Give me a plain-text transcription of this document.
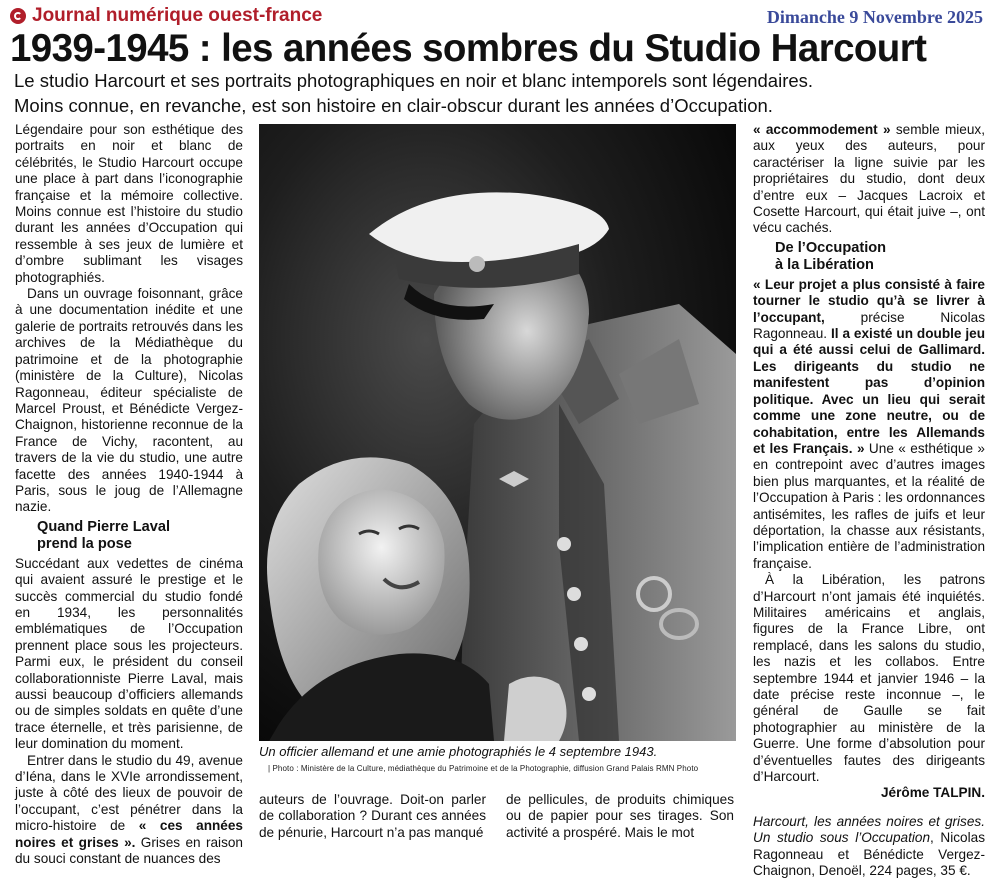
Journal numérique ouest-france	Dimanche 9 Novembre 2025
1939-1945 : les années sombres du Studio Harcourt
Le studio Harcourt et ses portraits photographiques en noir et blanc intemporels sont légendaires.
Moins connue, en revanche, est son histoire en clair-obscur durant les années d’Occupation.

Légendaire pour son esthétique des portraits en noir et blanc de célébrités, le Studio Harcourt occupe une place à part dans l’iconographie française et la mémoire collective. Moins connue est l’histoire du studio durant les années d’Occupation qui ressemble à ses jeux de lumière et d’ombre sublimant les visages photographiés.

Dans un ouvrage foisonnant, grâce à une documentation inédite et une galerie de portraits retrouvés dans les archives de la Médiathèque du patrimoine et de la photographie (ministère de la Culture), Nicolas Ragonneau, éditeur spécialiste de Marcel Proust, et Bénédicte Vergez-Chaignon, historienne reconnue de la France de Vichy, racontent, au travers de la vie du studio, une autre facette des années 1940-1944 à Paris, sous le joug de l’Allemagne nazie.

Quand Pierre Laval
prend la pose

Succédant aux vedettes de cinéma qui avaient assuré le prestige et le succès commercial du studio fondé en 1934, les personnalités emblématiques de l’Occupation prennent place sous les projecteurs. Parmi eux, le président du conseil collaborationniste Pierre Laval, mais aussi beaucoup d’officiers allemands ou de simples soldats en quête d’une trace éternelle, et très parisienne, de leur domination du moment.

Entrer dans le studio du 49, avenue d’Iéna, dans le XVIe arrondissement, juste à côté des lieux de pouvoir de l’occupant, c’est pénétrer dans la micro-histoire de « ces années noires et grises ». Grises en raison du souci constant de nuances des

Un officier allemand et une amie photographiés le 4 septembre 1943.
| Photo : Ministère de la Culture, médiathèque du Patrimoine et de la Photographie, diffusion Grand Palais RMN Photo

auteurs de l’ouvrage. Doit-on parler de collaboration ? Durant ces années de pénurie, Harcourt n’a pas manqué

de pellicules, de produits chimiques ou de papier pour ses tirages. Son activité a prospéré. Mais le mot

« accommodement » semble mieux, aux yeux des auteurs, pour caractériser la ligne suivie par les propriétaires du studio, dont deux d’entre eux – Jacques Lacroix et Cosette Harcourt, qui était juive –, ont vécu cachés.

De l’Occupation
à la Libération

« Leur projet a plus consisté à faire tourner le studio qu’à se livrer à l’occupant, précise Nicolas Ragonneau. Il a existé un double jeu qui a été aussi celui de Gallimard. Les dirigeants du studio ne manifestent pas d’opinion politique. Avec un lieu qui serait comme une zone neutre, ou de cohabitation, entre les Allemands et les Français. » Une « esthétique » en contrepoint avec d’autres images bien plus marquantes, et la réalité de l’Occupation à Paris : les ordonnances antisémites, les rafles de juifs et leur déportation, la chasse aux résistants, l’implication entière de l’administration française.

À la Libération, les patrons d’Harcourt n’ont jamais été inquiétés. Militaires américains et anglais, figures de la France Libre, ont remplacé, dans les salons du studio, les nazis et les collabos. Entre septembre 1944 et janvier 1946 – la date précise reste inconnue –, le général de Gaulle se fait photographier au ministère de la Guerre. Une forme d’absolution pour d’éventuelles fautes des dirigeants d’Harcourt.

Jérôme TALPIN.

Harcourt, les années noires et grises. Un studio sous l’Occupation, Nicolas Ragonneau et Bénédicte Vergez-Chaignon, Denoël, 224 pages, 35 €.
